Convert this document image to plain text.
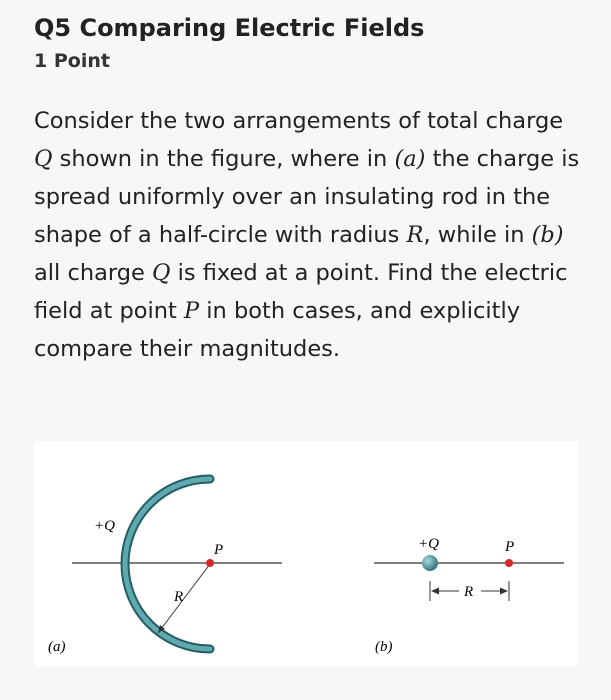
Q5 Comparing Electric Fields
1 Point
Consider the two arrangements of total charge Q shown in the figure, where in (a) the charge is spread uniformly over an insulating rod in the shape of a half-circle with radius R, while in (b) all charge Q is fixed at a point. Find the electric field at point P in both cases, and explicitly compare their magnitudes.
+Q
P
R
(a)
+Q	P
R
(b)
